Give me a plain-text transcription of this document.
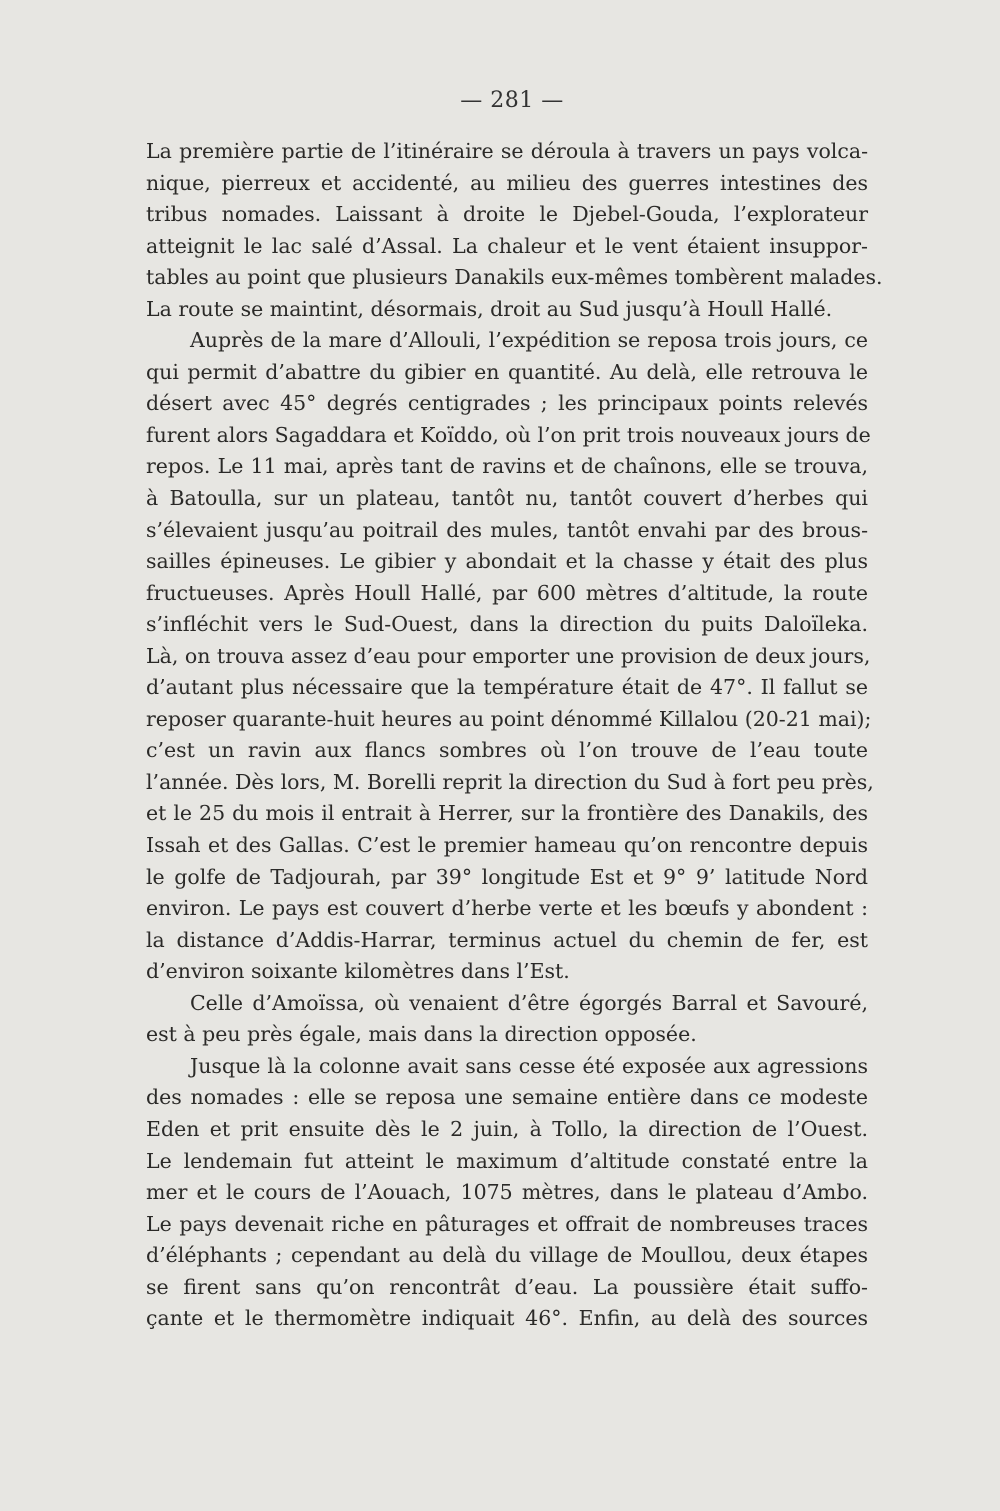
— 281 —
La première partie de l’itinéraire se déroula à travers un pays volca-
nique, pierreux et accidenté, au milieu des guerres intestines des
tribus nomades. Laissant à droite le Djebel-Gouda, l’explorateur
atteignit le lac salé d’Assal. La chaleur et le vent étaient insuppor-
tables au point que plusieurs Danakils eux-mêmes tombèrent malades.
La route se maintint, désormais, droit au Sud jusqu’à Houll Hallé.
Auprès de la mare d’Allouli, l’expédition se reposa trois jours, ce
qui permit d’abattre du gibier en quantité. Au delà, elle retrouva le
désert avec 45° degrés centigrades ; les principaux points relevés
furent alors Sagaddara et Koïddo, où l’on prit trois nouveaux jours de
repos. Le 11 mai, après tant de ravins et de chaînons, elle se trouva,
à Batoulla, sur un plateau, tantôt nu, tantôt couvert d’herbes qui
s’élevaient jusqu’au poitrail des mules, tantôt envahi par des brous-
sailles épineuses. Le gibier y abondait et la chasse y était des plus
fructueuses. Après Houll Hallé, par 600 mètres d’altitude, la route
s’infléchit vers le Sud-Ouest, dans la direction du puits Daloïleka.
Là, on trouva assez d’eau pour emporter une provision de deux jours,
d’autant plus nécessaire que la température était de 47°. Il fallut se
reposer quarante-huit heures au point dénommé Killalou (20-21 mai);
c’est un ravin aux flancs sombres où l’on trouve de l’eau toute
l’année. Dès lors, M. Borelli reprit la direction du Sud à fort peu près,
et le 25 du mois il entrait à Herrer, sur la frontière des Danakils, des
Issah et des Gallas. C’est le premier hameau qu’on rencontre depuis
le golfe de Tadjourah, par 39° longitude Est et 9° 9’ latitude Nord
environ. Le pays est couvert d’herbe verte et les bœufs y abondent :
la distance d’Addis-Harrar, terminus actuel du chemin de fer, est
d’environ soixante kilomètres dans l’Est.
Celle d’Amoïssa, où venaient d’être égorgés Barral et Savouré,
est à peu près égale, mais dans la direction opposée.
Jusque là la colonne avait sans cesse été exposée aux agressions
des nomades : elle se reposa une semaine entière dans ce modeste
Eden et prit ensuite dès le 2 juin, à Tollo, la direction de l’Ouest.
Le lendemain fut atteint le maximum d’altitude constaté entre la
mer et le cours de l’Aouach, 1075 mètres, dans le plateau d’Ambo.
Le pays devenait riche en pâturages et offrait de nombreuses traces
d’éléphants ; cependant au delà du village de Moullou, deux étapes
se firent sans qu’on rencontrât d’eau. La poussière était suffo-
çante et le thermomètre indiquait 46°. Enfin, au delà des sources
